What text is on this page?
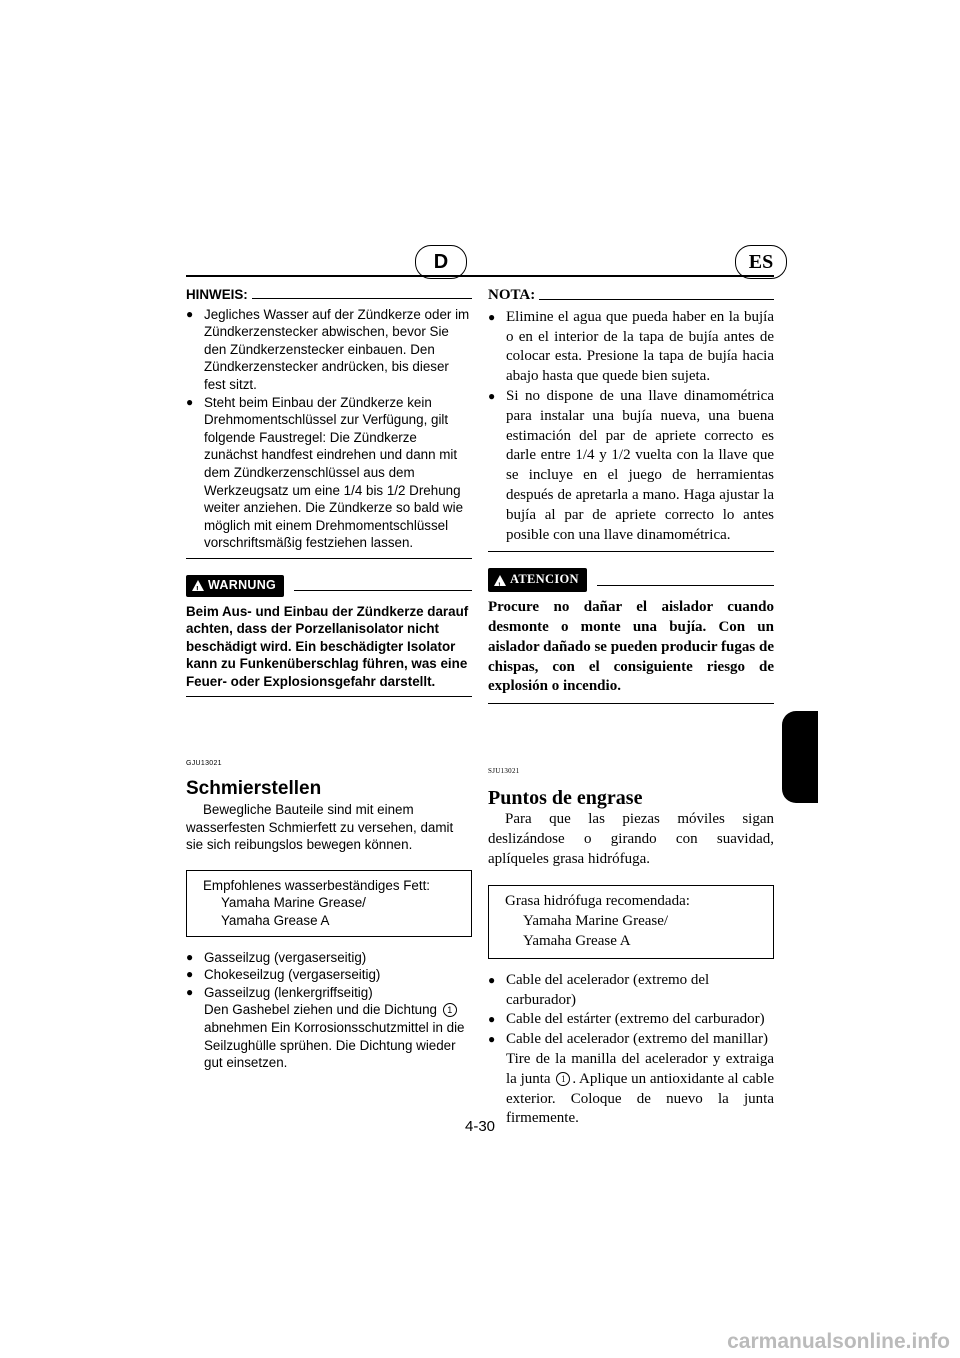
D	ES
HINWEIS:
● Jegliches Wasser auf der Zündkerze oder im Zündkerzenstecker abwischen, bevor Sie den Zündkerzenstecker einbauen. Den Zündkerzenstecker andrücken, bis dieser fest sitzt.
● Steht beim Einbau der Zündkerze kein Drehmomentschlüssel zur Verfügung, gilt folgende Faustregel: Die Zündkerze zunächst handfest eindrehen und dann mit dem Zündkerzenschlüssel aus dem Werkzeugsatz um eine 1/4 bis 1/2 Drehung weiter anziehen. Die Zündkerze so bald wie möglich mit einem Drehmomentschlüssel vorschriftsmäßig festziehen lassen.
!
WARNUNG
Beim Aus- und Einbau der Zündkerze darauf achten, dass der Porzellanisolator nicht beschädigt wird. Ein beschädigter Isolator kann zu Funkenüberschlag führen, was eine Feuer- oder Explosionsgefahr darstellt.
GJU13021
Schmierstellen
Bewegliche Bauteile sind mit einem wasserfesten Schmierfett zu versehen, damit sie sich reibungslos bewegen können.
Empfohlenes wasserbeständiges Fett:
Yamaha Marine Grease/
Yamaha Grease A
● Gasseilzug (vergaserseitig)
● Chokeseilzug (vergaserseitig)
● Gasseilzug (lenkergriffseitig)
Den Gashebel ziehen und die Dichtung 1 abnehmen Ein Korrosionsschutzmittel in die Seilzughülle sprühen. Die Dichtung wieder gut einsetzen.
NOTA:
● Elimine el agua que pueda haber en la bujía o en el interior de la tapa de bujía antes de colocar esta. Presione la tapa de bujía hacia abajo hasta que quede bien sujeta.
● Si no dispone de una llave dinamométrica para instalar una bujía nueva, una buena estimación del par de apriete correcto es darle entre 1/4 y 1/2 vuelta con la llave que se incluye en el juego de herramientas después de apretarla a mano. Haga ajustar la bujía al par de apriete correcto lo antes posible con una llave dinamométrica.
!
ATENCION
Procure no dañar el aislador cuando desmonte o monte una bujía. Con un aislador dañado se pueden producir fugas de chispas, con el consiguiente riesgo de explosión o incendio.
SJU13021
Puntos de engrase
Para que las piezas móviles sigan deslizándose o girando con suavidad, aplíqueles grasa hidrófuga.
Grasa hidrófuga recomendada:
Yamaha Marine Grease/
Yamaha Grease A
● Cable del acelerador (extremo del carburador)
● Cable del estárter (extremo del carburador)
● Cable del acelerador (extremo del manillar)
Tire de la manilla del acelerador y extraiga la junta 1 . Aplique un antioxidante al cable exterior. Coloque de nuevo la junta firmemente.
4-30
carmanualsonline.info
